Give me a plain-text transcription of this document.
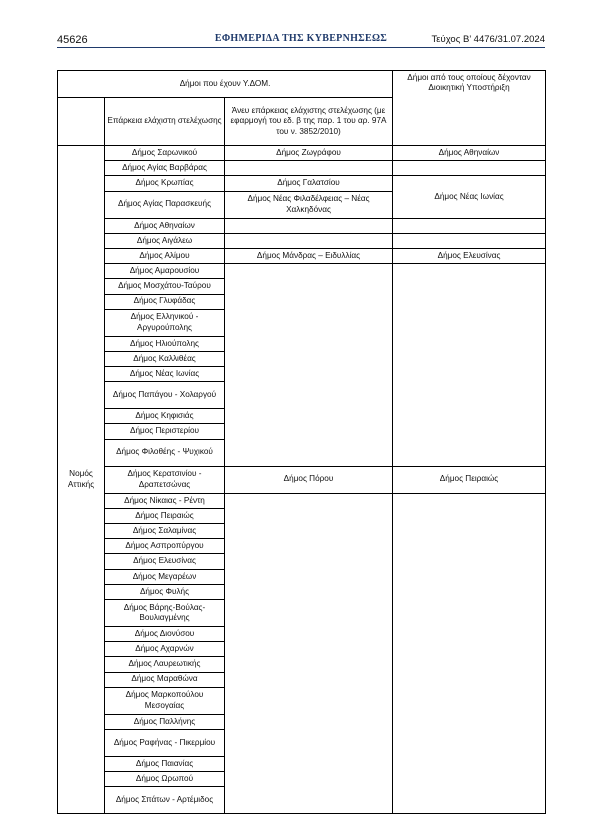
45626	ΕΦΗΜΕΡΙΔΑ ΤΗΣ ΚΥΒΕΡΝΗΣΕΩΣ	Τεύχος Β’ 4476/31.07.2024
Δήμοι που έχουν Υ.ΔΟΜ.			Δήμοι από τους οποίους δέχονταν Διοικητική Υποστήριξη
	Επάρκεια ελάχιστη στελέχωσης	Άνευ επάρκειας ελάχιστης στελέχωσης (με εφαρμογή του εδ. β της παρ. 1 του αρ. 97Α του ν. 3852/2010)	
Νομός Αττικής	Δήμος Σαρωνικού	Δήμος Ζωγράφου	Δήμος Αθηναίων
	Δήμος Αγίας Βαρβάρας		
	Δήμος Κρωπίας	Δήμος Γαλατσίου	Δήμος Νέας Ιωνίας
	Δήμος Αγίας Παρασκευής	Δήμος Νέας Φιλαδέλφειας – Νέας Χαλκηδόνας	
	Δήμος Αθηναίων		
	Δήμος Αιγάλεω		
	Δήμος Αλίμου	Δήμος Μάνδρας – Ειδυλλίας	Δήμος Ελευσίνας
	Δήμος Αμαρουσίου		
	Δήμος Μοσχάτου-Ταύρου		
	Δήμος Γλυφάδας		
	Δήμος Ελληνικού - Αργυρούπολης		
	Δήμος Ηλιούπολης		
	Δήμος Καλλιθέας		
	Δήμος Νέας Ιωνίας		
	Δήμος Παπάγου - Χολαργού		
	Δήμος Κηφισιάς		
	Δήμος Περιστερίου		
	Δήμος Φιλοθέης - Ψυχικού		
	Δήμος Κερατσινίου - Δραπετσώνας	Δήμος Πόρου	Δήμος Πειραιώς
	Δήμος Νίκαιας - Ρέντη		
	Δήμος Πειραιώς		
	Δήμος Σαλαμίνας		
	Δήμος Ασπροπύργου		
	Δήμος Ελευσίνας		
	Δήμος Μεγαρέων		
	Δήμος Φυλής		
	Δήμος Βάρης-Βούλας-Βουλιαγμένης		
	Δήμος Διονύσου		
	Δήμος Αχαρνών		
	Δήμος Λαυρεωτικής		
	Δήμος Μαραθώνα		
	Δήμος Μαρκοπούλου Μεσογαίας		
	Δήμος Παλλήνης		
	Δήμος Ραφήνας - Πικερμίου		
	Δήμος Παιανίας		
	Δήμος Ωρωπού		
	Δήμος Σπάτων - Αρτέμιδος		
